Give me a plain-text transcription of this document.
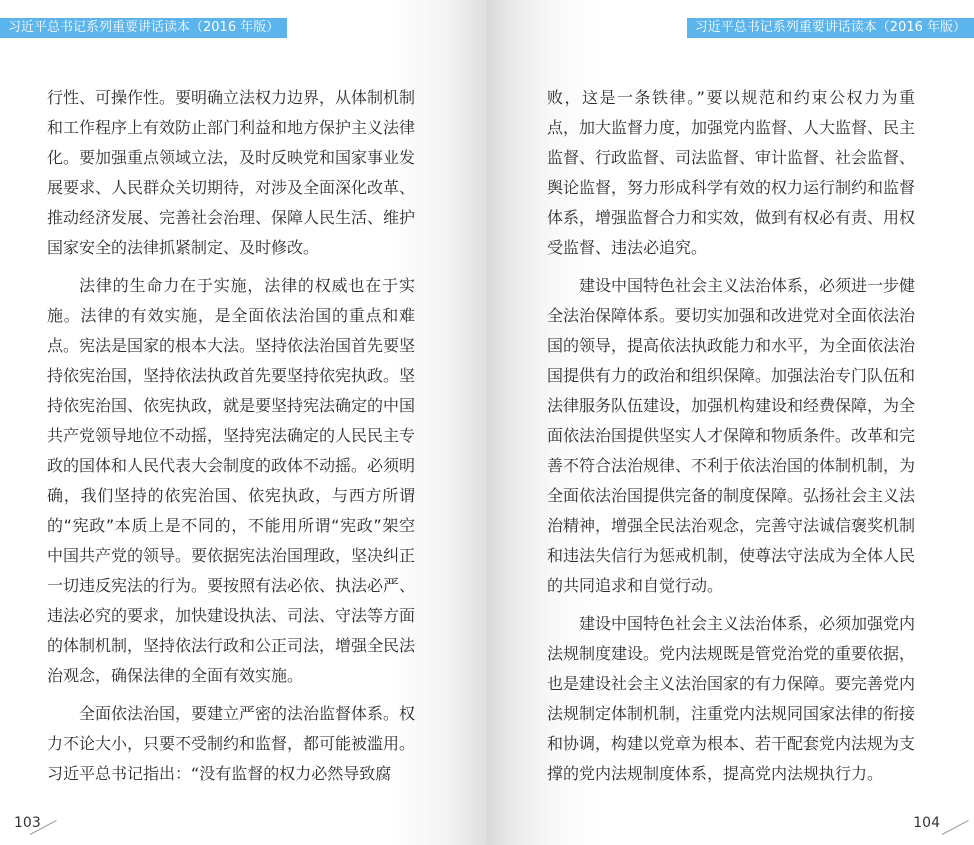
习近平总书记系列重要讲话读本（2016 年版）

行性、可操作性。要明确立法权力边界，从体制机制和工作程序上有效防止部门利益和地方保护主义法律化。要加强重点领域立法，及时反映党和国家事业发展要求、人民群众关切期待，对涉及全面深化改革、推动经济发展、完善社会治理、保障人民生活、维护国家安全的法律抓紧制定、及时修改。

法律的生命力在于实施，法律的权威也在于实施。法律的有效实施，是全面依法治国的重点和难点。宪法是国家的根本大法。坚持依法治国首先要坚持依宪治国，坚持依法执政首先要坚持依宪执政。坚持依宪治国、依宪执政，就是要坚持宪法确定的中国共产党领导地位不动摇，坚持宪法确定的人民民主专政的国体和人民代表大会制度的政体不动摇。必须明确，我们坚持的依宪治国、依宪执政，与西方所谓的“宪政”本质上是不同的，不能用所谓“宪政”架空中国共产党的领导。要依据宪法治国理政，坚决纠正一切违反宪法的行为。要按照有法必依、执法必严、违法必究的要求，加快建设执法、司法、守法等方面的体制机制，坚持依法行政和公正司法，增强全民法治观念，确保法律的全面有效实施。

全面依法治国，要建立严密的法治监督体系。权力不论大小，只要不受制约和监督，都可能被滥用。习近平总书记指出：“没有监督的权力必然导致腐

103
习近平总书记系列重要讲话读本（2016 年版）

败，这是一条铁律。”要以规范和约束公权力为重点，加大监督力度，加强党内监督、人大监督、民主监督、行政监督、司法监督、审计监督、社会监督、舆论监督，努力形成科学有效的权力运行制约和监督体系，增强监督合力和实效，做到有权必有责、用权受监督、违法必追究。

建设中国特色社会主义法治体系，必须进一步健全法治保障体系。要切实加强和改进党对全面依法治国的领导，提高依法执政能力和水平，为全面依法治国提供有力的政治和组织保障。加强法治专门队伍和法律服务队伍建设，加强机构建设和经费保障，为全面依法治国提供坚实人才保障和物质条件。改革和完善不符合法治规律、不利于依法治国的体制机制，为全面依法治国提供完备的制度保障。弘扬社会主义法治精神，增强全民法治观念，完善守法诚信褒奖机制和违法失信行为惩戒机制，使尊法守法成为全体人民的共同追求和自觉行动。

建设中国特色社会主义法治体系，必须加强党内法规制度建设。党内法规既是管党治党的重要依据，也是建设社会主义法治国家的有力保障。要完善党内法规制定体制机制，注重党内法规同国家法律的衔接和协调，构建以党章为根本、若干配套党内法规为支撑的党内法规制度体系，提高党内法规执行力。

104
